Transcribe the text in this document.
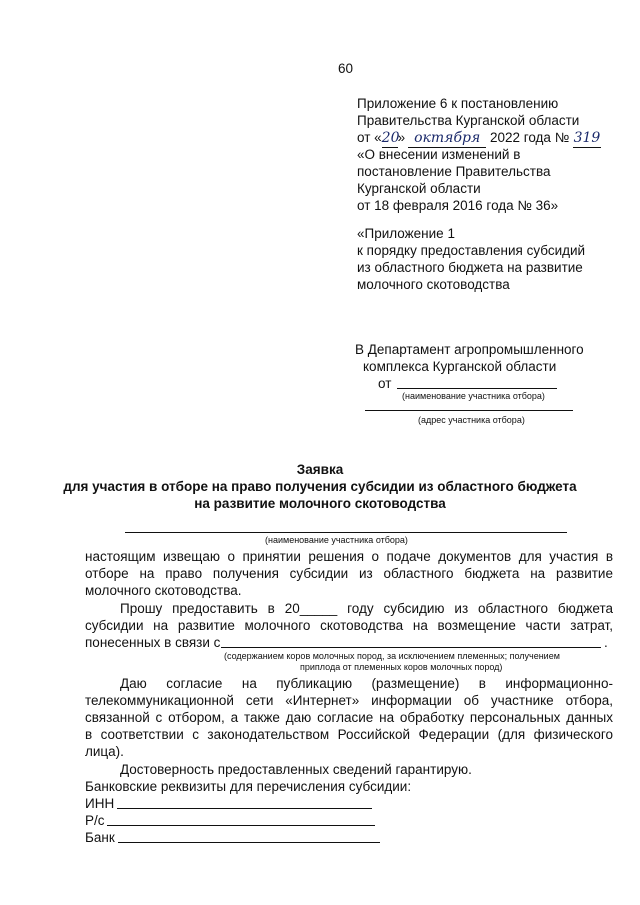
60
Приложение 6 к постановлению
Правительства Курганской области
от «20» октября 2022 года № 319
«О внесении изменений в
постановление Правительства
Курганской области
от 18 февраля 2016 года № 36»
«Приложение 1
к порядку предоставления субсидий
из областного бюджета на развитие
молочного скотоводства
В Департамент агропромышленного
комплекса Курганской области
от
(наименование участника отбора)
(адрес участника отбора)
Заявка
для участия в отборе на право получения субсидии из областного бюджета
на развитие молочного скотоводства
(наименование участника отбора)
настоящим извещаю о принятии решения о подаче документов для участия в
отборе на право получения субсидии из областного бюджета на развитие
молочного скотоводства.
Прошу предоставить в 20_____ году субсидию из областного бюджета
субсидии на развитие молочного скотоводства на возмещение части затрат,
понесенных в связи с	.
(содержанием коров молочных пород, за исключением племенных; получением
приплода от племенных коров молочных пород)
Даю согласие на публикацию (размещение) в информационно-
телекоммуникационной сети «Интернет» информации об участнике отбора,
связанной с отбором, а также даю согласие на обработку персональных данных
в соответствии с законодательством Российской Федерации (для физического
лица).
Достоверность предоставленных сведений гарантирую.
Банковские реквизиты для перечисления субсидии:
ИНН
Р/с
Банк
